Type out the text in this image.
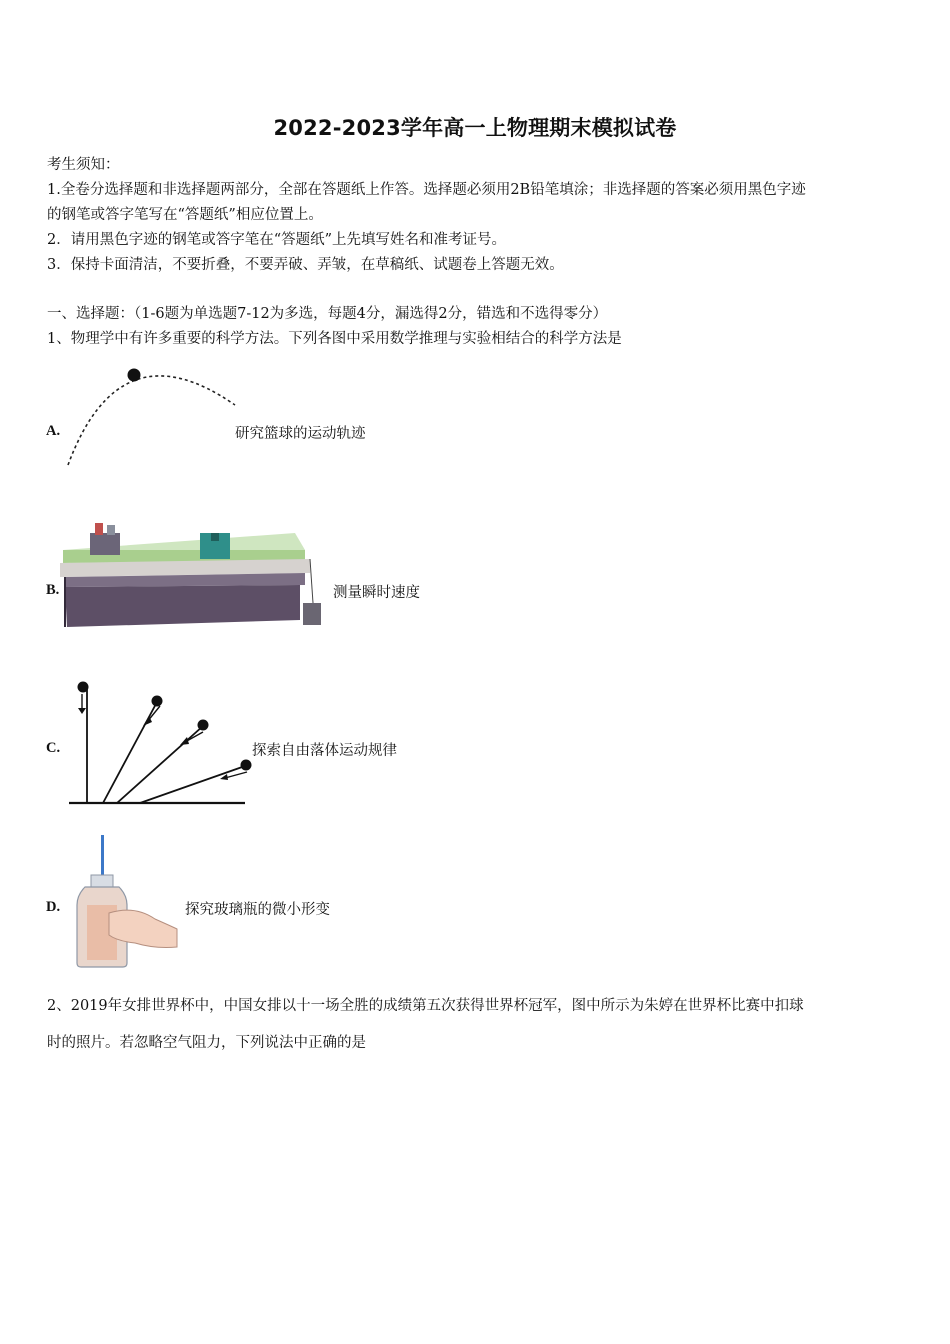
2022-2023学年高一上物理期末模拟试卷
考生须知：
1.全卷分选择题和非选择题两部分，全部在答题纸上作答。选择题必须用2B铅笔填涂；非选择题的答案必须用黑色字迹
的钢笔或答字笔写在“答题纸”相应位置上。
2．请用黑色字迹的钢笔或答字笔在“答题纸”上先填写姓名和准考证号。
3．保持卡面清洁，不要折叠，不要弄破、弄皱，在草稿纸、试题卷上答题无效。
一、选择题：（1-6题为单选题7-12为多选，每题4分，漏选得2分，错选和不选得零分）
1、物理学中有许多重要的科学方法。下列各图中采用数学推理与实验相结合的科学方法是
A.	研究篮球的运动轨迹
B.	测量瞬时速度
C.	探索自由落体运动规律
D.	探究玻璃瓶的微小形变
2、2019年女排世界杯中，中国女排以十一场全胜的成绩第五次获得世界杯冠军，图中所示为朱婷在世界杯比赛中扣球
时的照片。若忽略空气阻力，下列说法中正确的是
